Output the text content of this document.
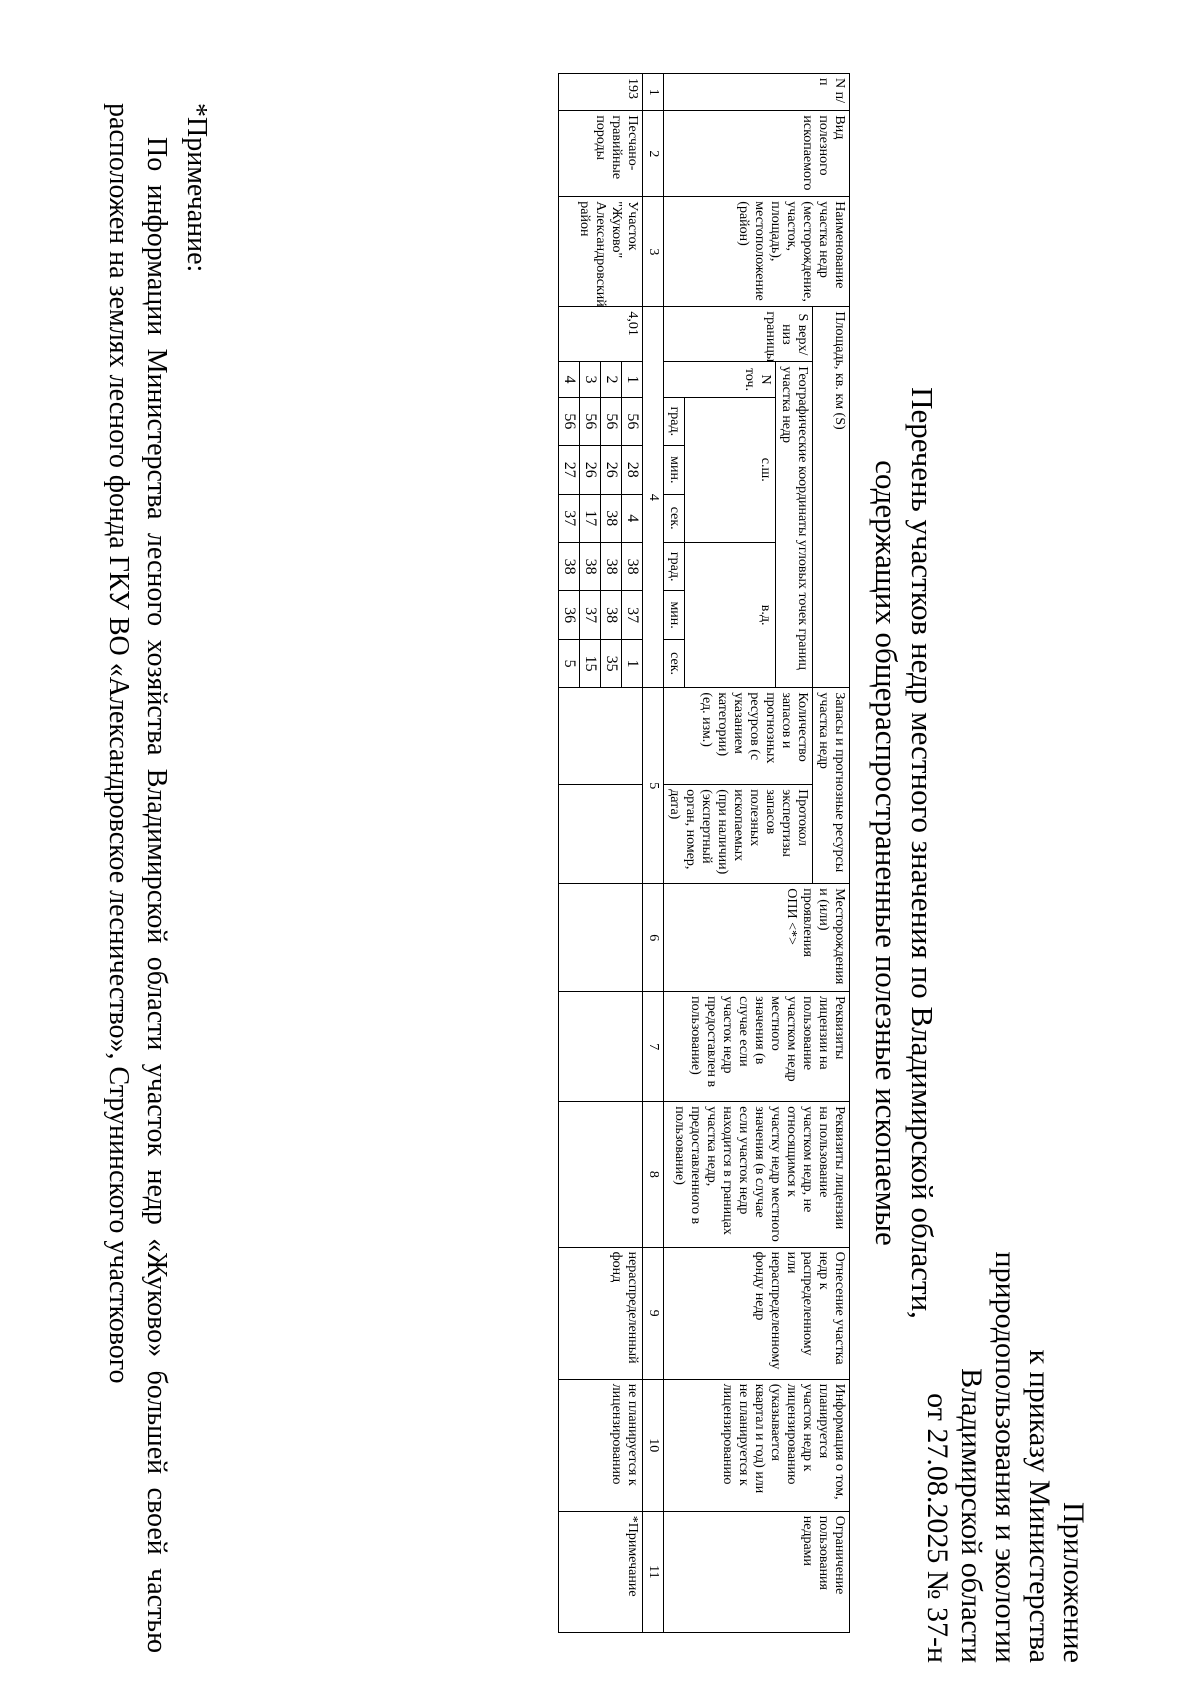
Приложение
к приказу Министерства
природопользования и экологии
Владимирской области
от 27.08.2025 № 37-н
Перечень участков недр местного значения по Владимирской области,
содержащих общераспространенные полезные ископаемые
N п/п	Вид полезного ископаемого	Наименование участка недр (месторождение, участок, площадь), местоположение (район)	Площадь, кв. км (S)								Запасы и прогнозные ресурсы участка недр		Месторождения и (или) проявления ОПИ <*>	Реквизиты лицензии на пользование участком недр местного значения (в случае если участок недр предоставлен в пользование)	Реквизиты лицензии на пользование участком недр, не относящимся к участку недр местного значения (в случае если участок недр находится в границах участка недр, предоставленного в пользование)	Отнесение участка недр к распределенному или нераспределенному фонду недр	Информация о том, планируется участок недр к лицензированию (указывается квартал и год) или не планируется к лицензированию	Ограничение пользования недрами
			S верх/низ границы	Географические координаты угловых точек границ участка недр							Количество запасов и прогнозных ресурсов (с указанием категории) (ед. изм.)	Протокол экспертизы запасов полезных ископаемых (при наличии) (экспертный орган, номер, дата)						
				N точ.	с.ш.			в.д.										
					град.	мин.	сек.	град.	мин.	сек.								
1	2	3	4								5		6	7	8	9	10	11
193	Песчано-гравийные породы	Участок "Жуково" Александровский район	4,01	1	56	28	4	38	37	1						нераспределенный фонд	не планируется к лицензированию	*Примечание
				2	56	26	38	38	38	35								
				3	56	26	17	38	37	15								
				4	56	27	37	38	36	5								
*Примечание:
По информации Министерства лесного хозяйства Владимирской области участок недр «Жуково» большей своей частью расположен на землях лесного фонда ГКУ ВО «Александровское лесничество», Струнинского участкового
